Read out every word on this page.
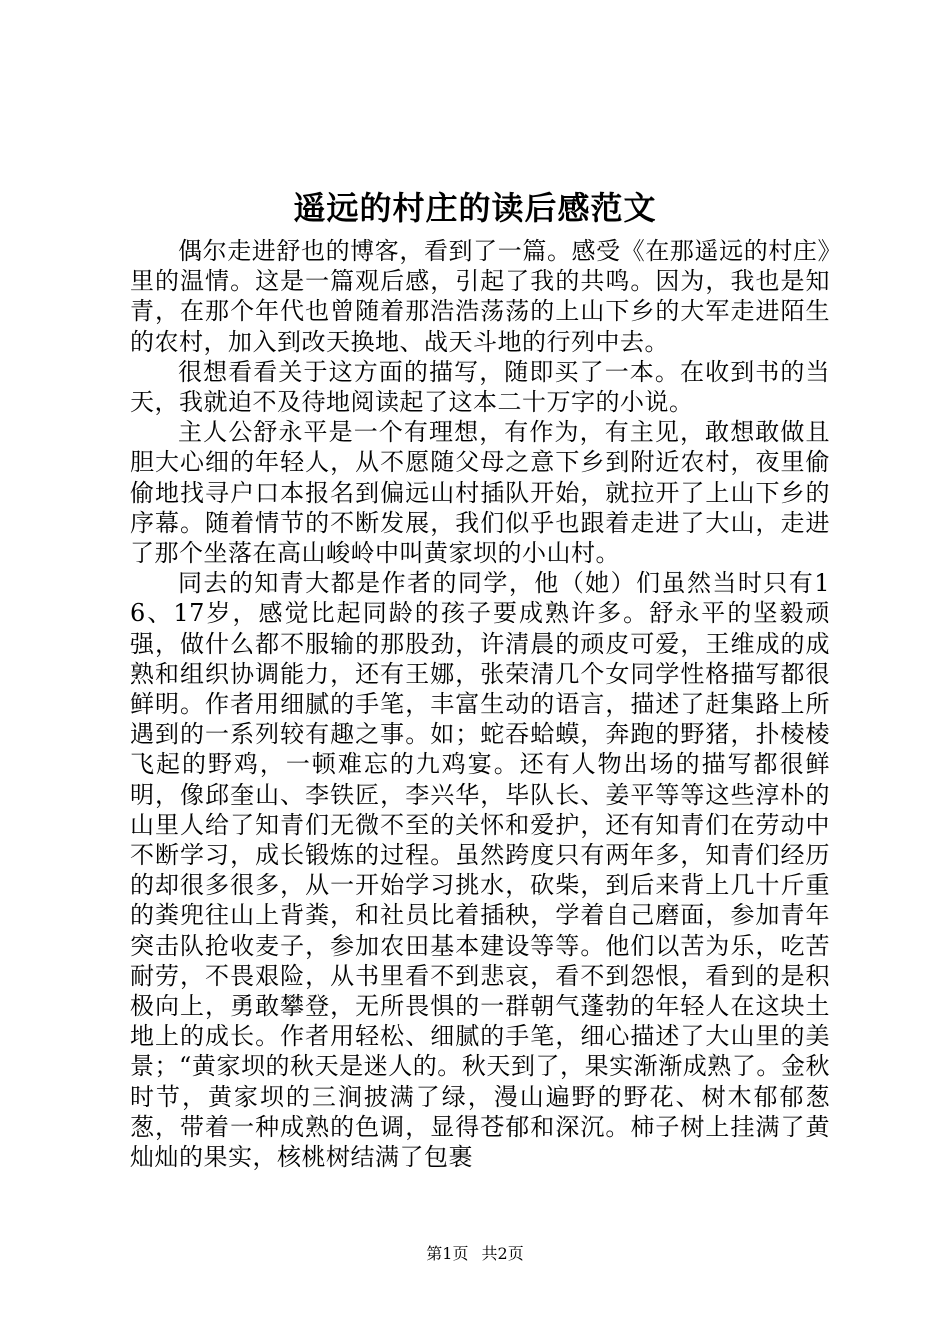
遥远的村庄的读后感范文

偶尔走进舒也的博客，看到了一篇。感受《在那遥远的村庄》里的温情。这是一篇观后感，引起了我的共鸣。因为，我也是知青，在那个年代也曾随着那浩浩荡荡的上山下乡的大军走进陌生的农村，加入到改天换地、战天斗地的行列中去。

很想看看关于这方面的描写，随即买了一本。在收到书的当天，我就迫不及待地阅读起了这本二十万字的小说。

主人公舒永平是一个有理想，有作为，有主见，敢想敢做且胆大心细的年轻人，从不愿随父母之意下乡到附近农村，夜里偷偷地找寻户口本报名到偏远山村插队开始，就拉开了上山下乡的序幕。随着情节的不断发展，我们似乎也跟着走进了大山，走进了那个坐落在高山峻岭中叫黄家坝的小山村。

同去的知青大都是作者的同学，他（她）们虽然当时只有16、17岁，感觉比起同龄的孩子要成熟许多。舒永平的坚毅顽强，做什么都不服输的那股劲，许清晨的顽皮可爱，王维成的成熟和组织协调能力，还有王娜，张荣清几个女同学性格描写都很鲜明。作者用细腻的手笔，丰富生动的语言，描述了赶集路上所遇到的一系列较有趣之事。如；蛇吞蛤蟆，奔跑的野猪，扑棱棱飞起的野鸡，一顿难忘的九鸡宴。还有人物出场的描写都很鲜明，像邱奎山、李铁匠，李兴华，毕队长、姜平等等这些淳朴的山里人给了知青们无微不至的关怀和爱护，还有知青们在劳动中不断学习，成长锻炼的过程。虽然跨度只有两年多，知青们经历的却很多很多，从一开始学习挑水，砍柴，到后来背上几十斤重的粪兜往山上背粪，和社员比着插秧，学着自己磨面，参加青年突击队抢收麦子，参加农田基本建设等等。他们以苦为乐，吃苦耐劳，不畏艰险，从书里看不到悲哀，看不到怨恨，看到的是积极向上，勇敢攀登，无所畏惧的一群朝气蓬勃的年轻人在这块土地上的成长。作者用轻松、细腻的手笔，细心描述了大山里的美景；“黄家坝的秋天是迷人的。秋天到了，果实渐渐成熟了。金秋时节，黄家坝的三涧披满了绿，漫山遍野的野花、树木郁郁葱葱，带着一种成熟的色调，显得苍郁和深沉。柿子树上挂满了黄灿灿的果实，核桃树结满了包裹

第1页 共2页
